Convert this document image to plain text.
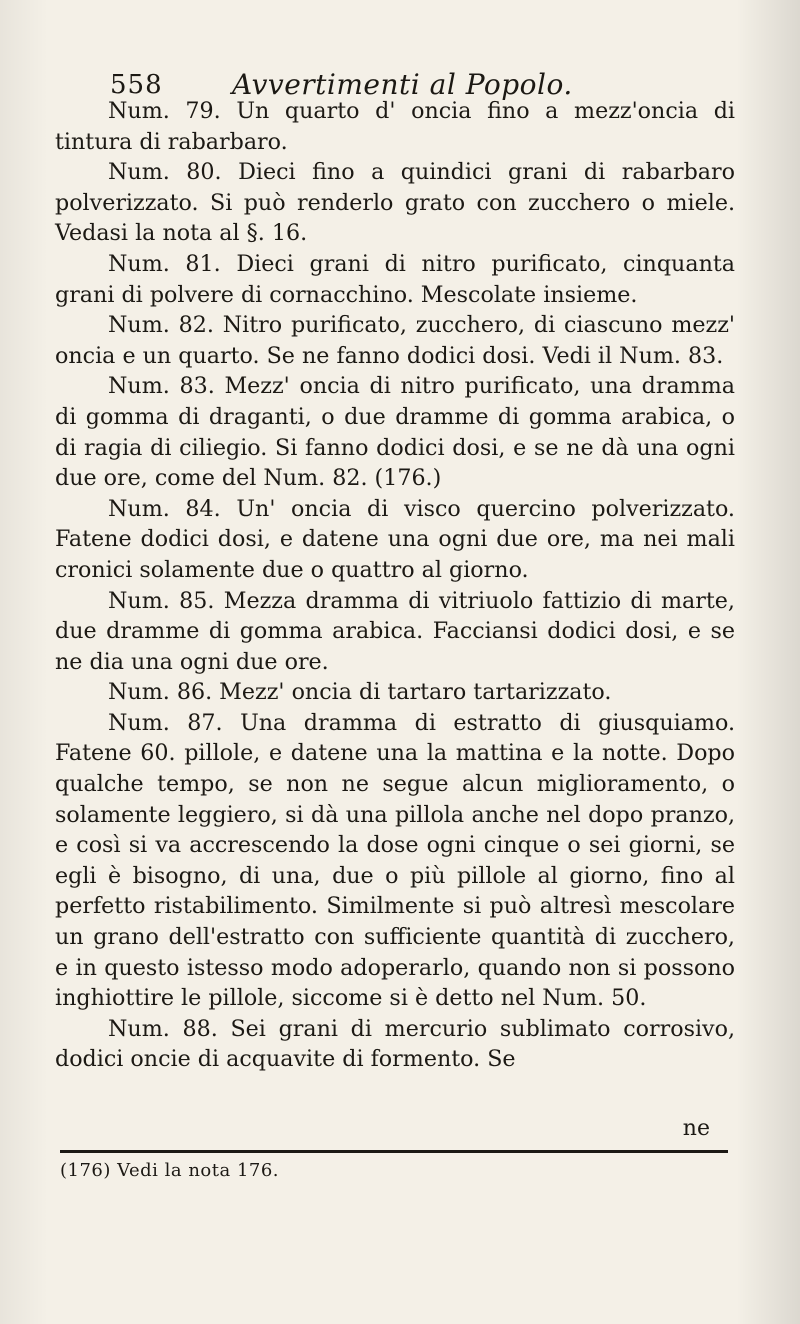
558 Avvertimenti al Popolo.

Num. 79. Un quarto d' oncia fino a mezz'oncia di tintura di rabarbaro.

Num. 80. Dieci fino a quindici grani di rabarbaro polverizzato. Si può renderlo grato con zucchero o miele. Vedasi la nota al §. 16.

Num. 81. Dieci grani di nitro purificato, cinquanta grani di polvere di cornacchino. Mescolate insieme.

Num. 82. Nitro purificato, zucchero, di ciascuno mezz' oncia e un quarto. Se ne fanno dodici dosi. Vedi il Num. 83.

Num. 83. Mezz' oncia di nitro purificato, una dramma di gomma di draganti, o due dramme di gomma arabica, o di ragia di ciliegio. Si fanno dodici dosi, e se ne dà una ogni due ore, come del Num. 82. (176.)

Num. 84. Un' oncia di visco quercino polverizzato. Fatene dodici dosi, e datene una ogni due ore, ma nei mali cronici solamente due o quattro al giorno.

Num. 85. Mezza dramma di vitriuolo fattizio di marte, due dramme di gomma arabica. Facciansi dodici dosi, e se ne dia una ogni due ore.

Num. 86. Mezz' oncia di tartaro tartarizzato.

Num. 87. Una dramma di estratto di giusquiamo. Fatene 60. pillole, e datene una la mattina e la notte. Dopo qualche tempo, se non ne segue alcun miglioramento, o solamente leggiero, si dà una pillola anche nel dopo pranzo, e così si va accrescendo la dose ogni cinque o sei giorni, se egli è bisogno, di una, due o più pillole al giorno, fino al perfetto ristabilimento. Similmente si può altresì mescolare un grano dell'estratto con sufficiente quantità di zucchero, e in questo istesso modo adoperarlo, quando non si possono inghiottire le pillole, siccome si è detto nel Num. 50.

Num. 88. Sei grani di mercurio sublimato corrosivo, dodici oncie di acquavite di formento. Se

ne
(176) Vedi la nota 176.
